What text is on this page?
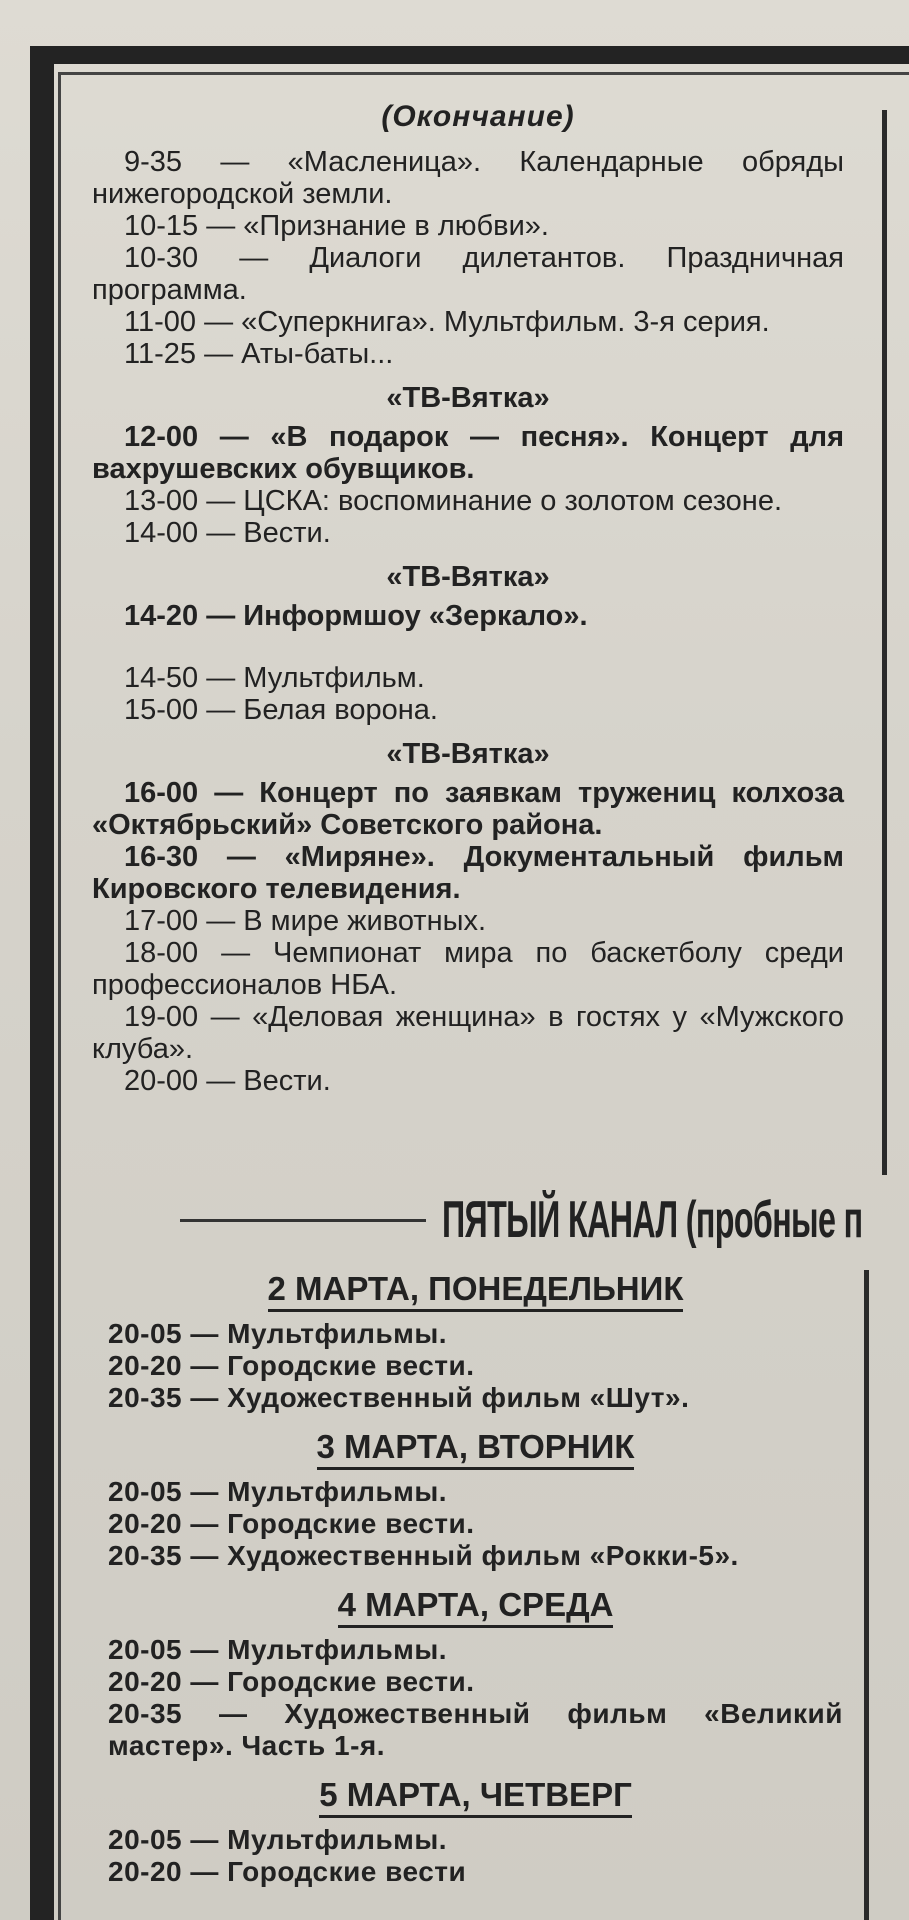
(Окончание)

9-35 — «Масленица». Календарные обряды нижегородской земли.

10-15 — «Признание в любви».

10-30 — Диалоги дилетантов. Праздничная программа.

11-00 — «Суперкнига». Мультфильм. 3-я серия.

11-25 — Аты-баты...

«ТВ-Вятка»

12-00 — «В подарок — песня». Концерт для вахрушевских обувщиков.

13-00 — ЦСКА: воспоминание о золотом сезоне.

14-00 — Вести.

«ТВ-Вятка»

14-20 — Информшоу «Зеркало».

14-50 — Мультфильм.

15-00 — Белая ворона.

«ТВ-Вятка»

16-00 — Концерт по заявкам тружениц колхоза «Октябрьский» Советского района.

16-30 — «Миряне». Документальный фильм Кировского телевидения.

17-00 — В мире животных.

18-00 — Чемпионат мира по баскетболу среди профессионалов НБА.

19-00 — «Деловая женщина» в гостях у «Мужского клуба».

20-00 — Вести.

ПЯТЫЙ КАНАЛ (пробные п
2 МАРТА, ПОНЕДЕЛЬНИК

20-05 — Мультфильмы.

20-20 — Городские вести.

20-35 — Художественный фильм «Шут».

3 МАРТА, ВТОРНИК

20-05 — Мультфильмы.

20-20 — Городские вести.

20-35 — Художественный фильм «Рокки-5».

4 МАРТА, СРЕДА

20-05 — Мультфильмы.

20-20 — Городские вести.

20-35 — Художественный фильм «Великий мастер». Часть 1-я.

5 МАРТА, ЧЕТВЕРГ

20-05 — Мультфильмы.

20-20 — Городские вести
